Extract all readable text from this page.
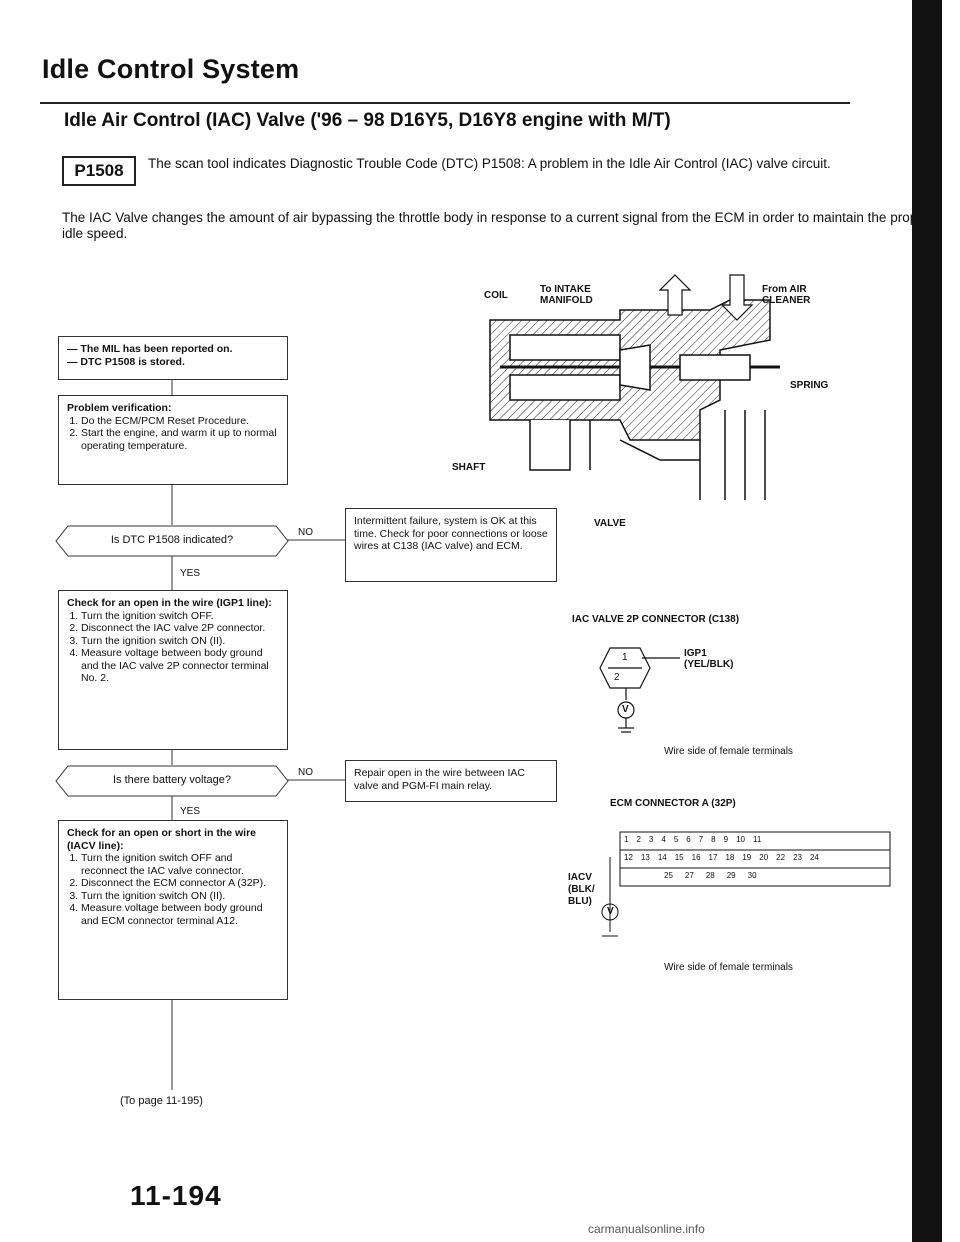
Idle Control System
Idle Air Control (IAC) Valve ('96 – 98 D16Y5, D16Y8 engine with M/T)
P1508	The scan tool indicates Diagnostic Trouble Code (DTC) P1508: A problem in the Idle Air Control (IAC) valve circuit.
The IAC Valve changes the amount of air bypassing the throttle body in response to a current signal from the ECM in order to maintain the proper idle speed.
— The MIL has been reported on.
— DTC P1508 is stored.
Problem verification:
1. Do the ECM/PCM Reset Procedure.
2. Start the engine, and warm it up to normal operating temperature.
Is DTC P1508 indicated?
NO
YES
Intermittent failure, system is OK at this time. Check for poor connections or loose wires at C138 (IAC valve) and ECM.
Check for an open in the wire (IGP1 line):
1. Turn the ignition switch OFF.
2. Disconnect the IAC valve 2P connector.
3. Turn the ignition switch ON (II).
4. Measure voltage between body ground and the IAC valve 2P connector terminal No. 2.
Is there battery voltage?
NO
YES
Repair open in the wire between IAC valve and PGM-FI main relay.
Check for an open or short in the wire (IACV line):
1. Turn the ignition switch OFF and reconnect the IAC valve connector.
2. Disconnect the ECM connector A (32P).
3. Turn the ignition switch ON (II).
4. Measure voltage between body ground and ECM connector terminal A12.
(To page 11-195)
COIL
To INTAKE MANIFOLD
From AIR CLEANER
SPRING
SHAFT
VALVE
IAC VALVE 2P CONNECTOR (C138)
1
2
V
IGP1 (YEL/BLK)
Wire side of female terminals
ECM CONNECTOR A (32P)
1 2 3 4 5 6 7 8 9 10 11
12 13 14 15 16 17 18 19 20 22 23 24
25 27 28 29 30
IACV (BLK/ BLU)
V
Wire side of female terminals
11-194
carmanualsonline.info
